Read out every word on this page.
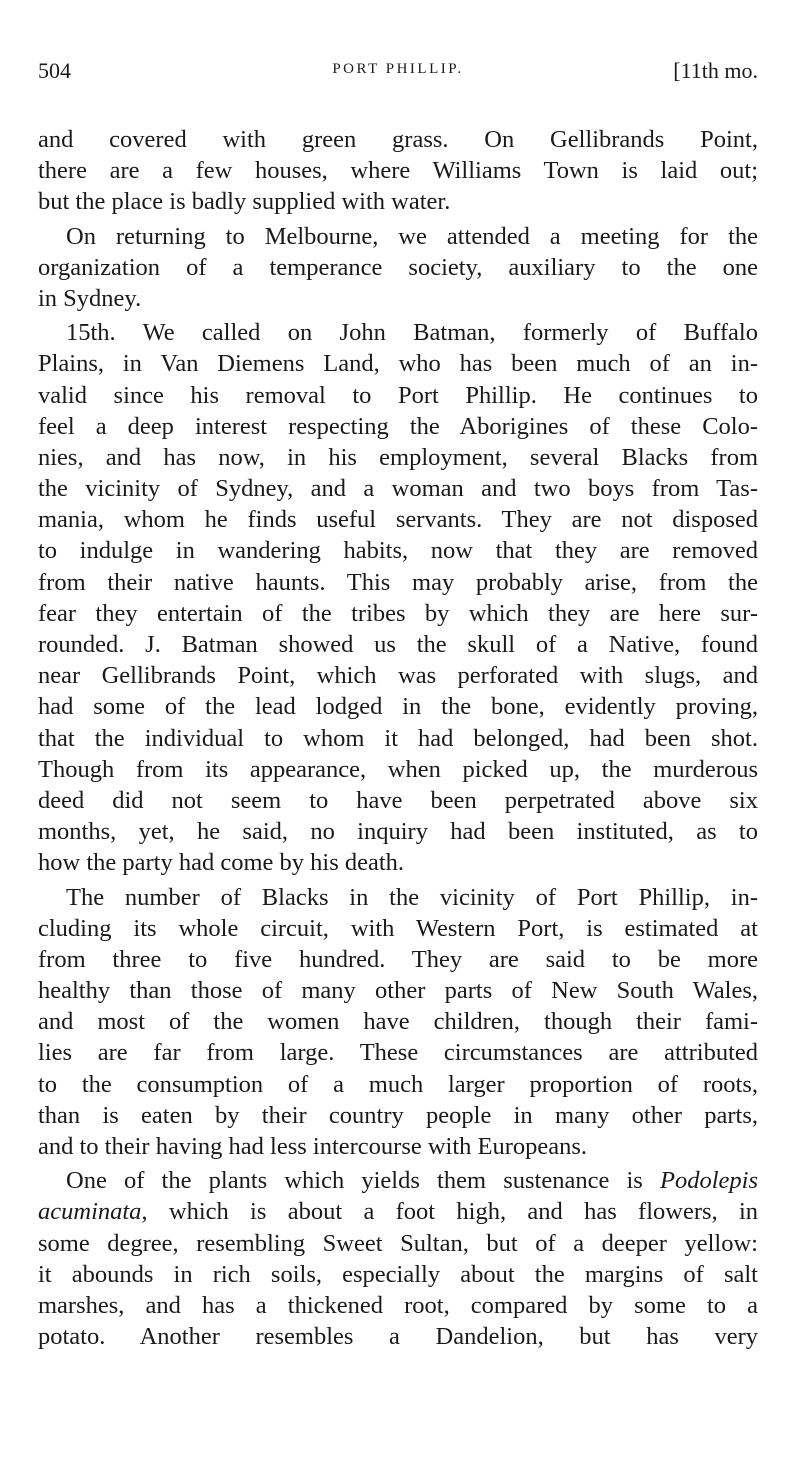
504	PORT PHILLIP.	[11th mo.
and covered with green grass. On Gellibrands Point,
there are a few houses, where Williams Town is laid out;
but the place is badly supplied with water.
On returning to Melbourne, we attended a meeting for the
organization of a temperance society, auxiliary to the one
in Sydney.
15th. We called on John Batman, formerly of Buffalo
Plains, in Van Diemens Land, who has been much of an in-
valid since his removal to Port Phillip. He continues to
feel a deep interest respecting the Aborigines of these Colo-
nies, and has now, in his employment, several Blacks from
the vicinity of Sydney, and a woman and two boys from Tas-
mania, whom he finds useful servants. They are not disposed
to indulge in wandering habits, now that they are removed
from their native haunts. This may probably arise, from the
fear they entertain of the tribes by which they are here sur-
rounded. J. Batman showed us the skull of a Native, found
near Gellibrands Point, which was perforated with slugs, and
had some of the lead lodged in the bone, evidently proving,
that the individual to whom it had belonged, had been shot.
Though from its appearance, when picked up, the murderous
deed did not seem to have been perpetrated above six
months, yet, he said, no inquiry had been instituted, as to
how the party had come by his death.
The number of Blacks in the vicinity of Port Phillip, in-
cluding its whole circuit, with Western Port, is estimated at
from three to five hundred. They are said to be more
healthy than those of many other parts of New South Wales,
and most of the women have children, though their fami-
lies are far from large. These circumstances are attributed
to the consumption of a much larger proportion of roots,
than is eaten by their country people in many other parts,
and to their having had less intercourse with Europeans.
One of the plants which yields them sustenance is Podolepis
acuminata, which is about a foot high, and has flowers, in
some degree, resembling Sweet Sultan, but of a deeper yellow:
it abounds in rich soils, especially about the margins of salt
marshes, and has a thickened root, compared by some to a
potato. Another resembles a Dandelion, but has very
